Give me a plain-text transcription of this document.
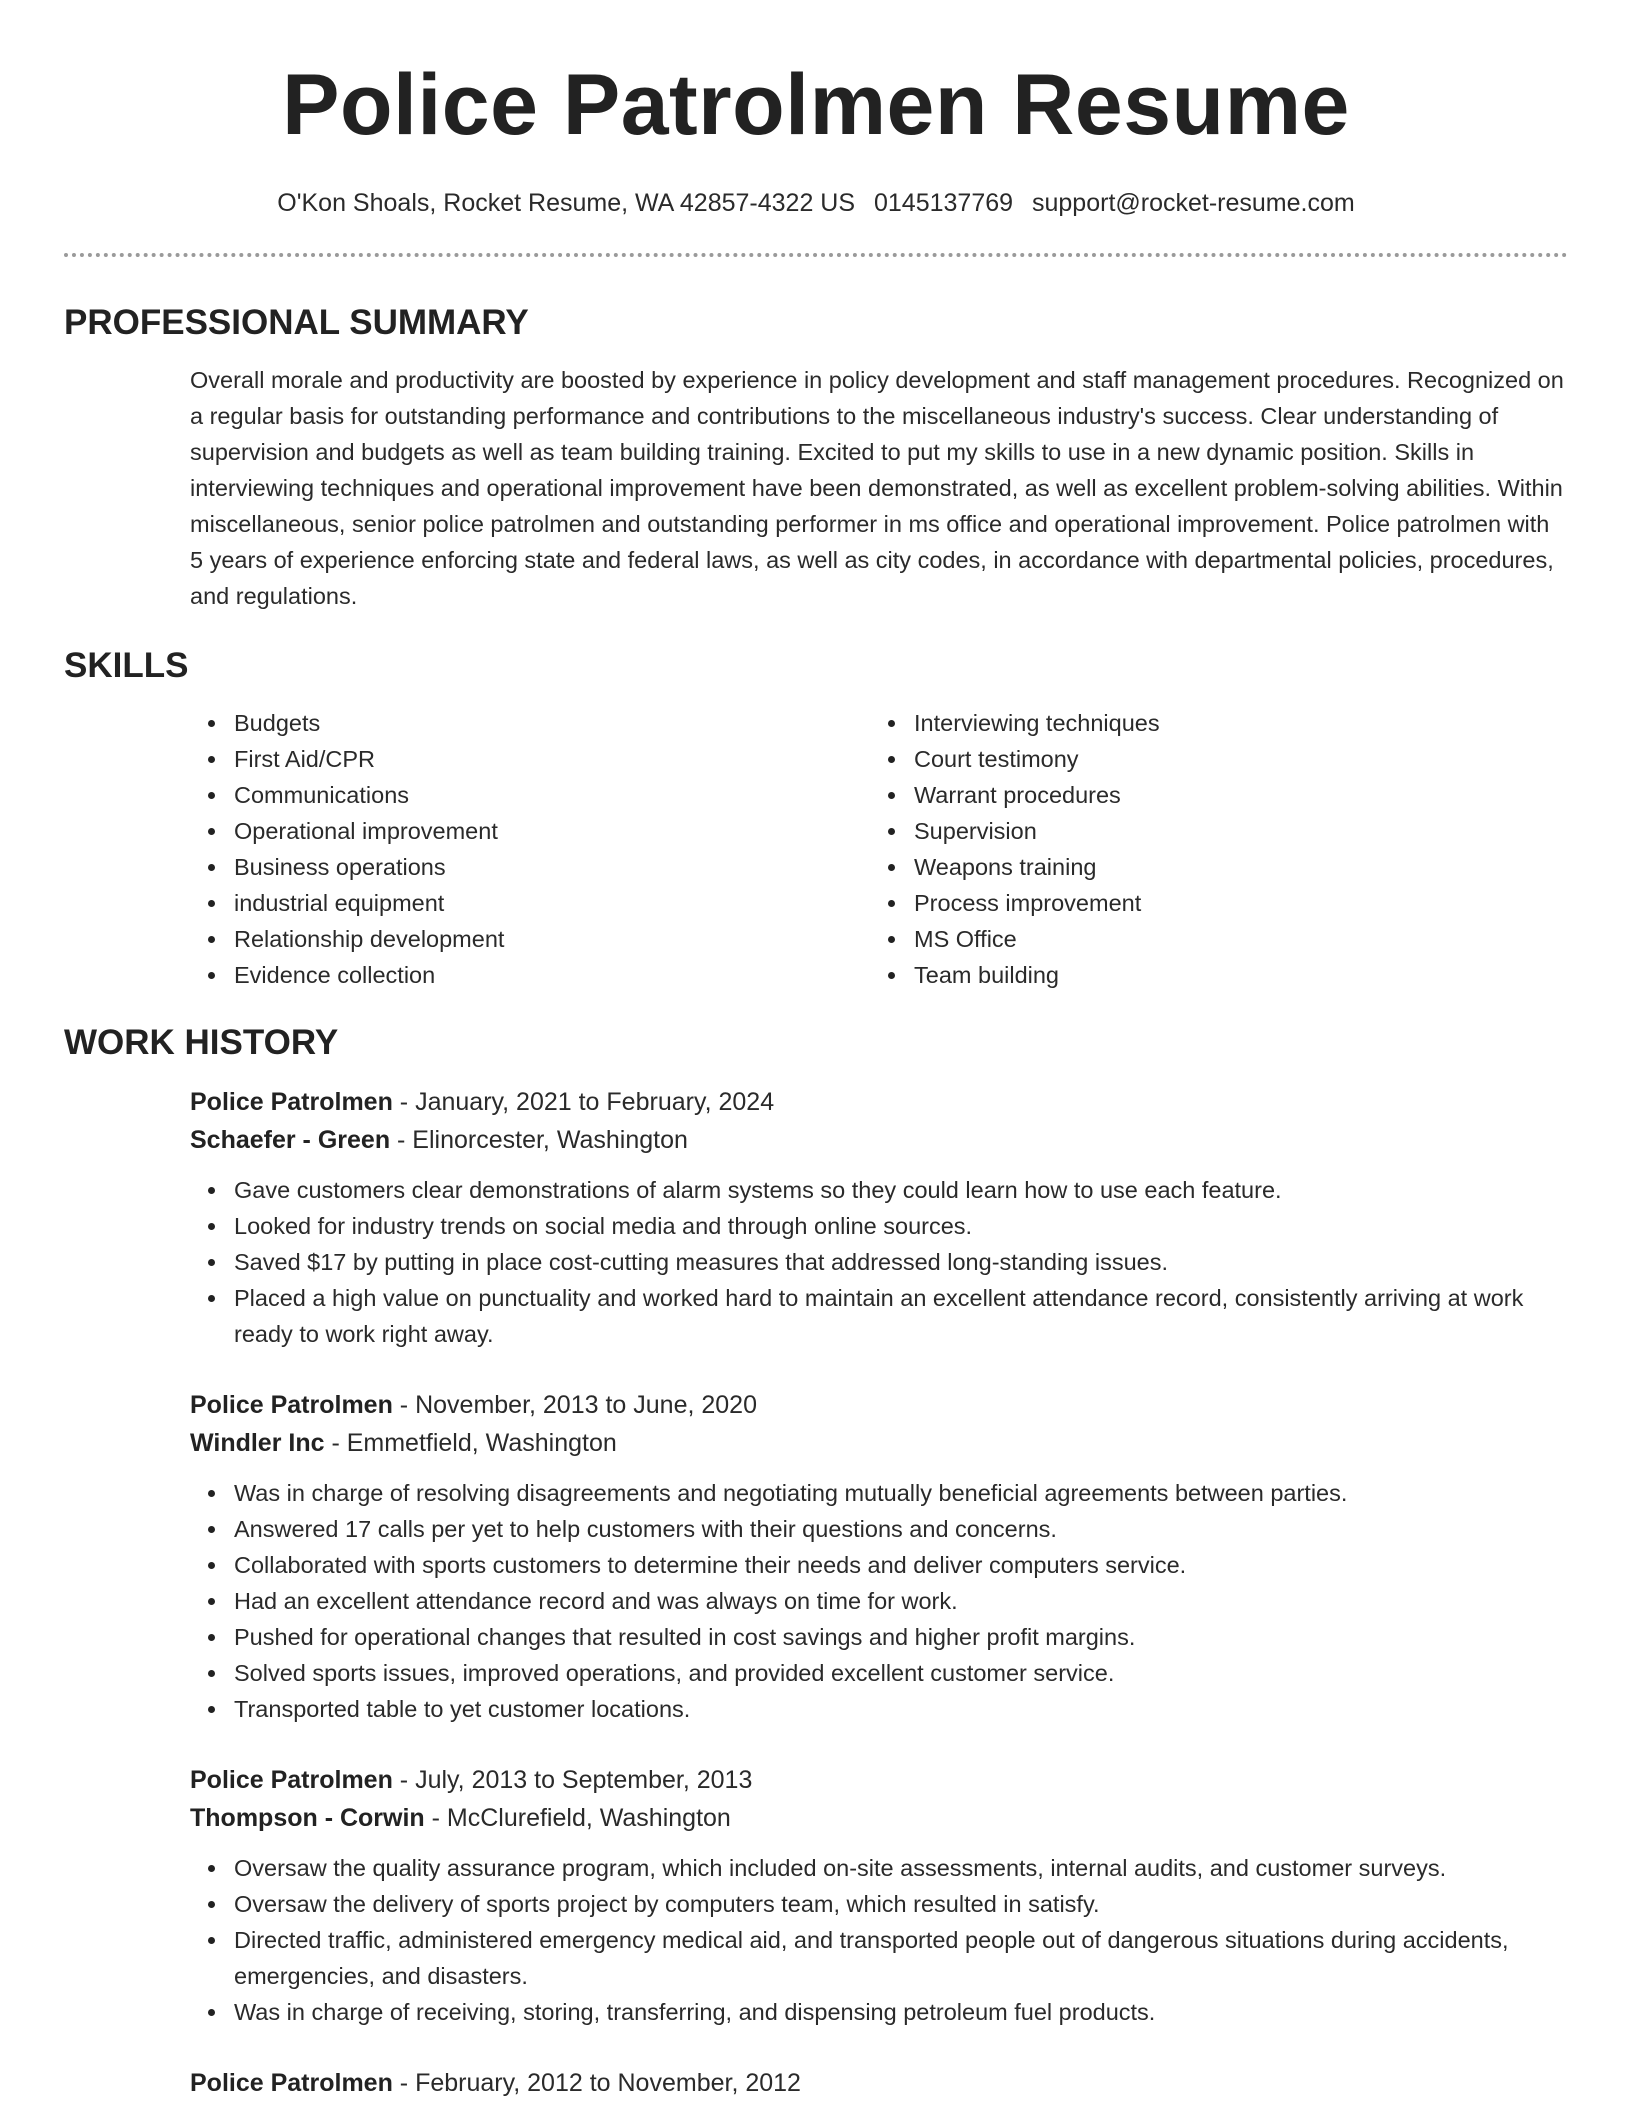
Police Patrolmen Resume
O'Kon Shoals, Rocket Resume, WA 42857-4322 US 0145137769 support@rocket-resume.com
PROFESSIONAL SUMMARY
Overall morale and productivity are boosted by experience in policy development and staff management procedures. Recognized on a regular basis for outstanding performance and contributions to the miscellaneous industry's success. Clear understanding of supervision and budgets as well as team building training. Excited to put my skills to use in a new dynamic position. Skills in interviewing techniques and operational improvement have been demonstrated, as well as excellent problem-solving abilities. Within miscellaneous, senior police patrolmen and outstanding performer in ms office and operational improvement. Police patrolmen with 5 years of experience enforcing state and federal laws, as well as city codes, in accordance with departmental policies, procedures, and regulations.
SKILLS
Budgets
First Aid/CPR
Communications
Operational improvement
Business operations
industrial equipment
Relationship development
Evidence collection
Interviewing techniques
Court testimony
Warrant procedures
Supervision
Weapons training
Process improvement
MS Office
Team building
WORK HISTORY
Police Patrolmen - January, 2021 to February, 2024
Schaefer - Green - Elinorcester, Washington
Gave customers clear demonstrations of alarm systems so they could learn how to use each feature.
Looked for industry trends on social media and through online sources.
Saved $17 by putting in place cost-cutting measures that addressed long-standing issues.
Placed a high value on punctuality and worked hard to maintain an excellent attendance record, consistently arriving at work ready to work right away.
Police Patrolmen - November, 2013 to June, 2020
Windler Inc - Emmetfield, Washington
Was in charge of resolving disagreements and negotiating mutually beneficial agreements between parties.
Answered 17 calls per yet to help customers with their questions and concerns.
Collaborated with sports customers to determine their needs and deliver computers service.
Had an excellent attendance record and was always on time for work.
Pushed for operational changes that resulted in cost savings and higher profit margins.
Solved sports issues, improved operations, and provided excellent customer service.
Transported table to yet customer locations.
Police Patrolmen - July, 2013 to September, 2013
Thompson - Corwin - McClurefield, Washington
Oversaw the quality assurance program, which included on-site assessments, internal audits, and customer surveys.
Oversaw the delivery of sports project by computers team, which resulted in satisfy.
Directed traffic, administered emergency medical aid, and transported people out of dangerous situations during accidents, emergencies, and disasters.
Was in charge of receiving, storing, transferring, and dispensing petroleum fuel products.
Police Patrolmen - February, 2012 to November, 2012
